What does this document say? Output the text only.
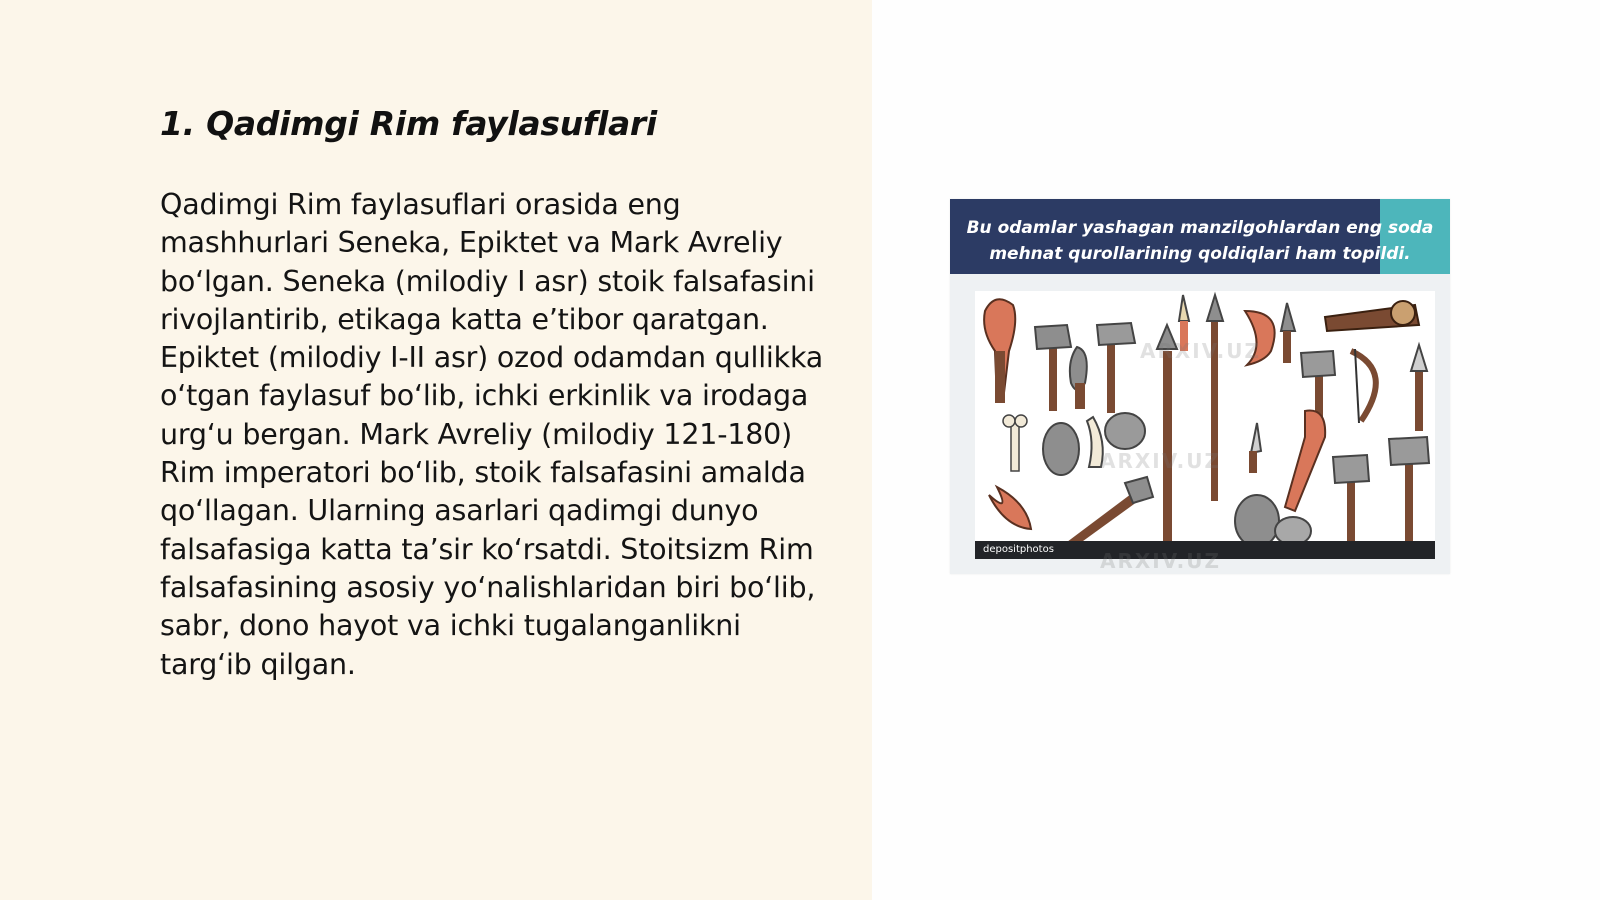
1. Qadimgi Rim faylasuflari

Qadimgi Rim faylasuflari orasida eng mashhurlari Seneka, Epiktet va Mark Avreliy bo‘lgan. Seneka (milodiy I asr) stoik falsafasini rivojlantirib, etikaga katta e’tibor qaratgan. Epiktet (milodiy I-II asr) ozod odamdan qullikka o‘tgan faylasuf bo‘lib, ichki erkinlik va irodaga urg‘u bergan. Mark Avreliy (milodiy 121-180) Rim imperatori bo‘lib, stoik falsafasini amalda qo‘llagan. Ularning asarlari qadimgi dunyo falsafasiga katta ta’sir ko‘rsatdi. Stoitsizm Rim falsafasining asosiy yo‘nalishlaridan biri bo‘lib, sabr, dono hayot va ichki tugalanganlikni targ‘ib qilgan.

Bu odamlar yashagan manzilgohlardan eng soda
mehnat qurollarining qoldiqlari ham topildi.
depositphotos
ARXIV.UZ
ARXIV.UZ
ARXIV.UZ
